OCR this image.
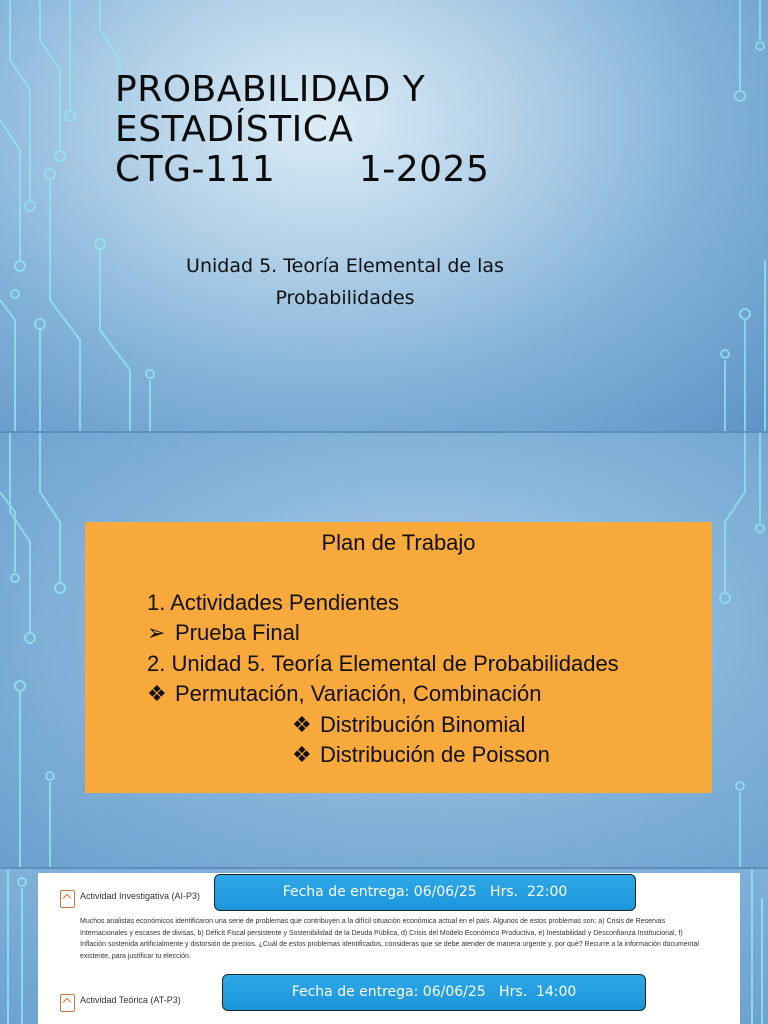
PROBABILIDAD Y
ESTADÍSTICA
CTG-111       1-2025
Unidad 5. Teoría Elemental de las Probabilidades
Plan de Trabajo
1. Actividades Pendientes
➢ Prueba Final
2. Unidad 5. Teoría Elemental de Probabilidades
❖ Permutación, Variación, Combinación
❖ Distribución Binomial
❖ Distribución de Poisson
Actividad Investigativa (AI-P3)
Muchos analistas económicos identificaron una serie de problemas que contribuyen a la difícil situación económica actual en el país. Algunos de estos problemas son: a) Crisis de Reservas Internacionales y escases de divisas, b) Déficit Fiscal persistente y Sostenibilidad de la Deuda Pública, d) Crisis del Modelo Económico Productiva, e) Inestabilidad y Desconfianza Institucional, f) Inflación sostenida artificialmente y distorsión de precios. ¿Cuál de estos problemas identificados, consideras que se debe atender de manera urgente y, por qué? Recurre a la información documental existente, para justificar tu elección.
Actividad Teórica (AT-P3)
Fecha de entrega: 06/06/25   Hrs.  22:00
Fecha de entrega: 06/06/25   Hrs.  14:00
